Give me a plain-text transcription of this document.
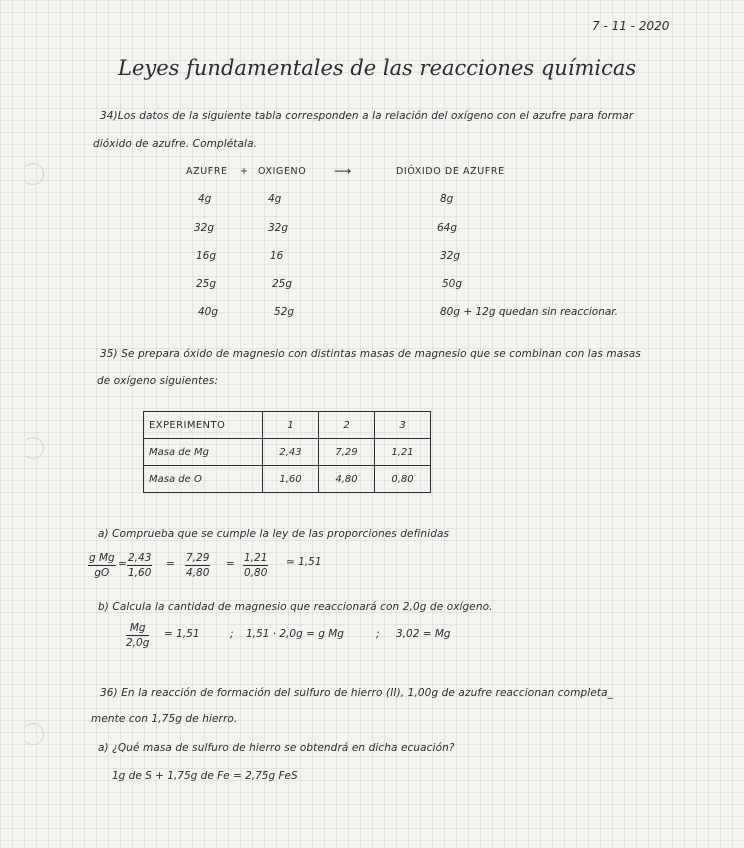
7 - 11 - 2020
Leyes fundamentales de las reacciones químicas
34)Los datos de la siguiente tabla corresponden a la relación del oxígeno con el azufre para formar
dióxido de azufre. Complétala.
AZUFRE + OXIGENO ⟶	DIÓXIDO DE AZUFRE
4g	4g	8g
32g	32g	64g
16g	16	32g
25g	25g	50g
40g	52g	80g + 12g quedan sin reaccionar.
35) Se prepara óxido de magnesio con distintas masas de magnesio que se combinan con las masas
de oxígeno siguientes:
EXPERIMENTO	1	2	3
Masa de Mg	2,43	7,29	1,21
Masa de O	1,60	4,80	0,80
a) Comprueba que se cumple la ley de las proporciones definidas
$\frac{\text{g Mg}}{gO} = \frac{2,43}{1,60} = \frac{7,29}{4,80} = \frac{1,21}{0,80}$ ≃ 1,51
b) Calcula la cantidad de magnesio que reaccionará con 2,0g de oxígeno.
$\frac{Mg}{2,0g} = 1,51$	; 1,51 · 2,0g = g Mg	; 3,02 = Mg
36) En la reacción de formación del sulfuro de hierro (II), 1,00g de azufre reaccionan completa_
mente con 1,75g de hierro.
a) ¿Qué masa de sulfuro de hierro se obtendrá en dicha ecuación?
1g de S + 1,75g de Fe = 2,75g FeS
